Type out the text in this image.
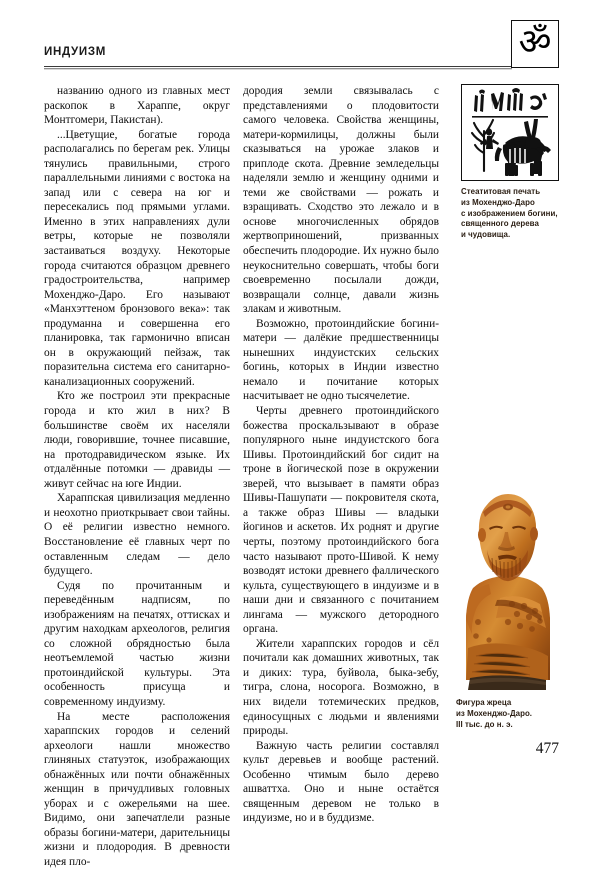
ИНДУИЗМ	ॐ

названию одного из главных мест раскопок в Хараппе, округ Монтгомери, Пакистан).

...Цветущие, богатые города располагались по берегам рек. Улицы тянулись правильными, строго параллельными линиями с востока на запад или с севера на юг и пересекались под прямыми углами. Именно в этих направлениях дули ветры, которые не позволяли застаиваться воздуху. Некоторые города считаются образцом древнего градостроительства, например Мохенджо-Даро. Его называют «Манхэттеном бронзового века»: так продуманна и совершенна его планировка, так гармонично вписан он в окружающий пейзаж, так поразительна система его санитарно-канализационных сооружений.

Кто же построил эти прекрасные города и кто жил в них? В большинстве своём их населяли люди, говорившие, точнее писавшие, на протодравидическом языке. Их отдалённые потомки — дравиды — живут сейчас на юге Индии.

Хараппская цивилизация медленно и неохотно приоткрывает свои тайны. О её религии известно немного. Восстановление её главных черт по оставленным следам — дело будущего.

Судя по прочитанным и переведённым надписям, по изображениям на печатях, оттисках и другим находкам археологов, религия со сложной обрядностью была неотъемлемой частью жизни протоиндийской культуры. Эта особенность присуща и современному индуизму.

На месте расположения хараппских городов и селений археологи нашли множество глиняных статуэток, изображающих обнажённых или почти обнажённых женщин в причудливых головных уборах и с ожерельями на шее. Видимо, они запечатлели разные образы богини-матери, дарительницы жизни и плодородия. В древности идея пло-

дородия земли связывалась с представлениями о плодовитости самого человека. Свойства женщины, матери-кормилицы, должны были сказываться на урожае злаков и приплоде скота. Древние земледельцы наделяли землю и женщину одними и теми же свойствами — рожать и взращивать. Сходство это лежало и в основе многочисленных обрядов жертвоприношений, призванных обеспечить плодородие. Их нужно было неукоснительно совершать, чтобы боги своевременно посылали дожди, возвращали солнце, давали жизнь злакам и животным.

Возможно, протоиндийские богини-матери — далёкие предшественницы нынешних индуистских сельских богинь, которых в Индии известно немало и почитание которых насчитывает не одно тысячелетие.

Черты древнего протоиндийского божества проскальзывают в образе популярного ныне индуистского бога Шивы. Протоиндийский бог сидит на троне в йогической позе в окружении зверей, что вызывает в памяти образ Шивы-Пашупати — покровителя скота, а также образ Шивы — владыки йогинов и аскетов. Их роднят и другие черты, поэтому протоиндийского бога часто называют прото-Шивой. К нему возводят истоки древнего фаллического культа, существующего в индуизме и в наши дни и связанного с почитанием лингама — мужского детородного органа.

Жители хараппских городов и сёл почитали как домашних животных, так и диких: тура, буйвола, быка-зебу, тигра, слона, носорога. Возможно, в них видели тотемических предков, единосущных с людьми и явлениями природы.

Важную часть религии составлял культ деревьев и вообще растений. Особенно чтимым было дерево ашваттха. Оно и ныне остаётся священным деревом не только в индуизме, но и в буддизме.

Стеатитовая печать
из Мохенджо-Даро
с изображением богини,
священного дерева
и чудовища.
Фигура жреца
из Мохенджо-Даро.
III тыс. до н. э.
477
